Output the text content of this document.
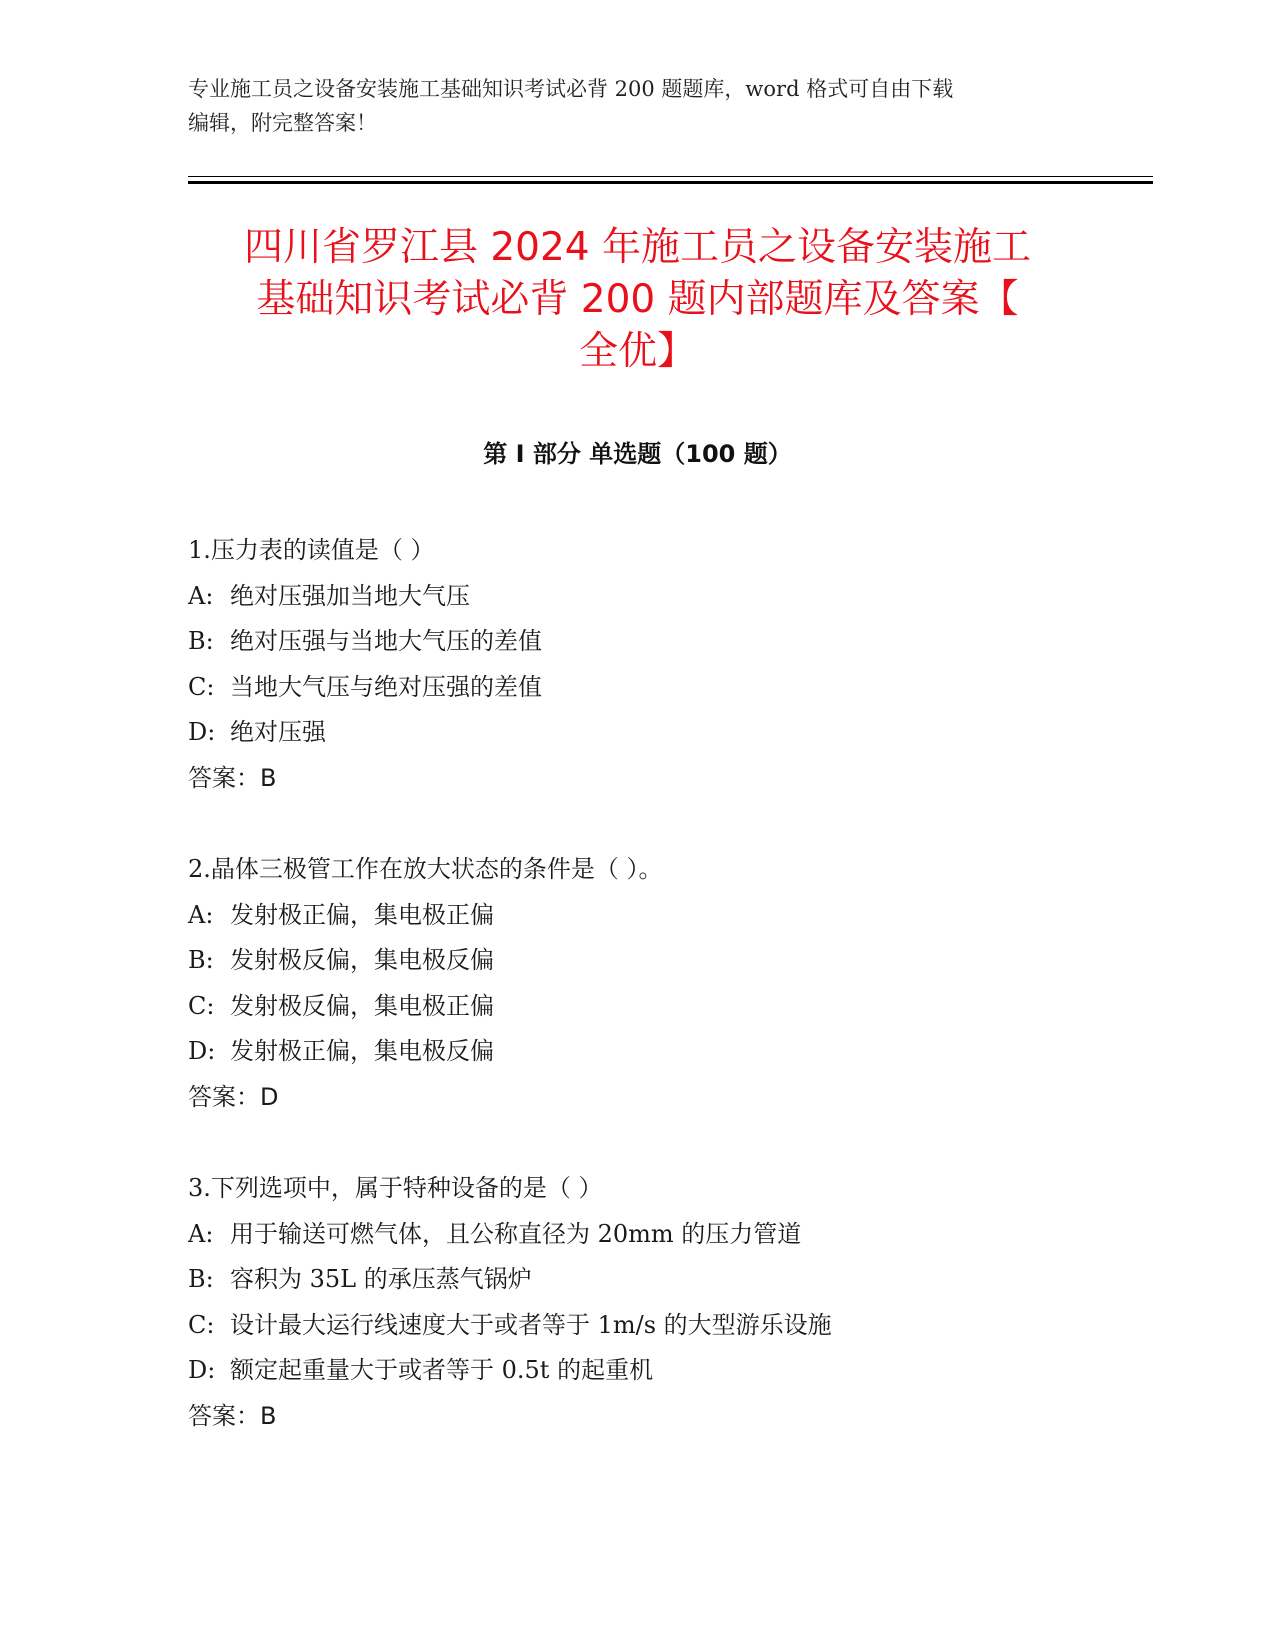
专业施工员之设备安装施工基础知识考试必背 200 题题库，word 格式可自由下载
编辑，附完整答案！
四川省罗江县 2024 年施工员之设备安装施工
基础知识考试必背 200 题内部题库及答案【
全优】
第 I 部分 单选题（100 题）
1.压力表的读值是（ ）
A: 绝对压强加当地大气压
B: 绝对压强与当地大气压的差值
C: 当地大气压与绝对压强的差值
D: 绝对压强
答案：B
2.晶体三极管工作在放大状态的条件是（ ）。
A: 发射极正偏，集电极正偏
B: 发射极反偏，集电极反偏
C: 发射极反偏，集电极正偏
D: 发射极正偏，集电极反偏
答案：D
3.下列选项中，属于特种设备的是（ ）
A: 用于输送可燃气体，且公称直径为 20mm 的压力管道
B: 容积为 35L 的承压蒸气锅炉
C: 设计最大运行线速度大于或者等于 1m/s 的大型游乐设施
D: 额定起重量大于或者等于 0.5t 的起重机
答案：B
